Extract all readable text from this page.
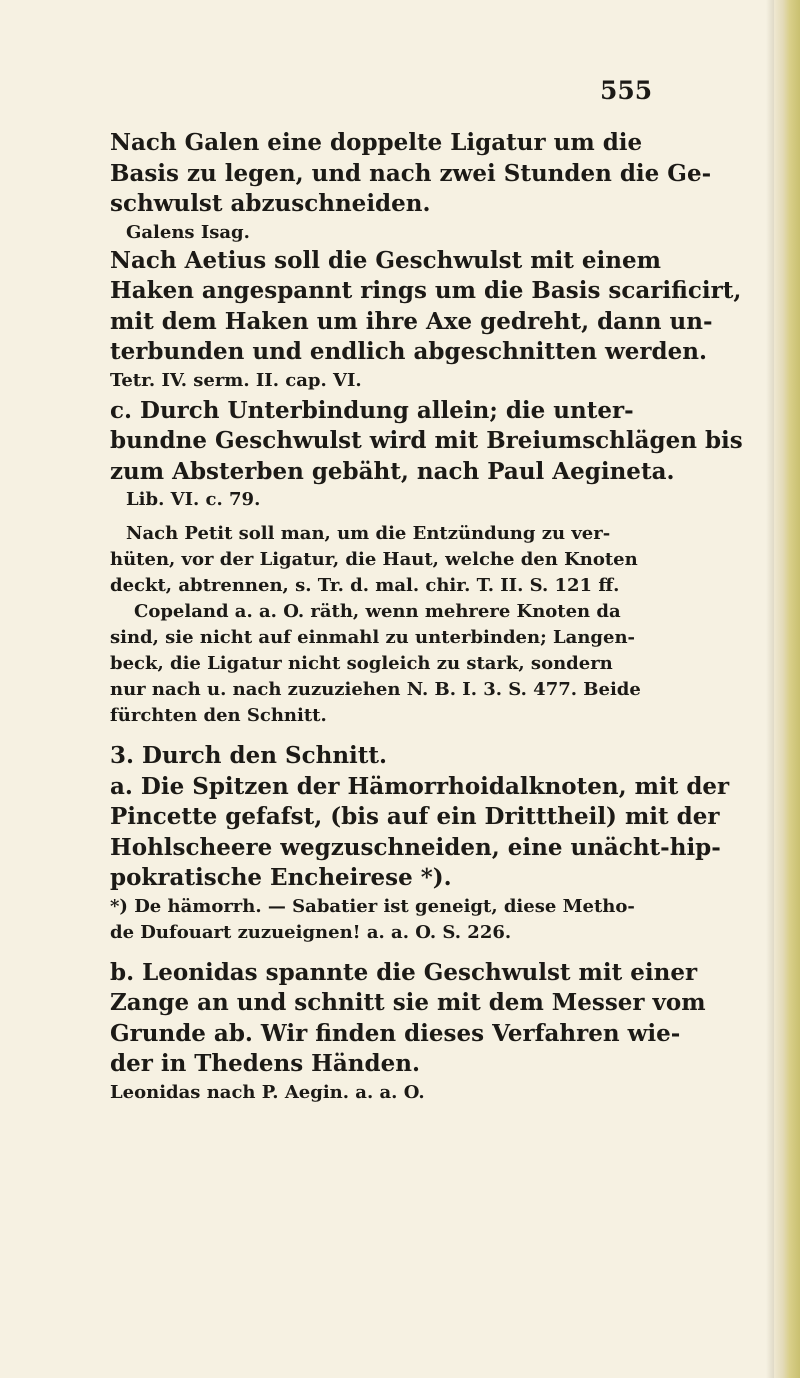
555
Nach Galen eine doppelte Ligatur um die
Basis zu legen, und nach zwei Stunden die Ge-
schwulst abzuschneiden.
Galens Isag.
Nach Aetius soll die Geschwulst mit einem
Haken angespannt rings um die Basis scarificirt,
mit dem Haken um ihre Axe gedreht, dann un-
terbunden und endlich abgeschnitten werden.
Tetr. IV. serm. II. cap. VI.
c. Durch Unterbindung allein; die unter-
bundne Geschwulst wird mit Breiumschlägen bis
zum Absterben gebäht, nach Paul Aegineta.
Lib. VI. c. 79.
Nach Petit soll man, um die Entzündung zu ver-
hüten, vor der Ligatur, die Haut, welche den Knoten
deckt, abtrennen, s. Tr. d. mal. chir. T. II. S. 121 ff.
Copeland a. a. O. räth, wenn mehrere Knoten da
sind, sie nicht auf einmahl zu unterbinden; Langen-
beck, die Ligatur nicht sogleich zu stark, sondern
nur nach u. nach zuzuziehen N. B. I. 3. S. 477. Beide
fürchten den Schnitt.
3. Durch den Schnitt.
a. Die Spitzen der Hämorrhoidalknoten, mit der
Pincette gefafst, (bis auf ein Dritttheil) mit der
Hohlscheere wegzuschneiden, eine unächt-hip-
pokratische Encheirese *).
*) De hämorrh. — Sabatier ist geneigt, diese Metho-
de Dufouart zuzueignen! a. a. O. S. 226.
b. Leonidas spannte die Geschwulst mit einer
Zange an und schnitt sie mit dem Messer vom
Grunde ab. Wir finden dieses Verfahren wie-
der in Thedens Händen.
Leonidas nach P. Aegin. a. a. O.
